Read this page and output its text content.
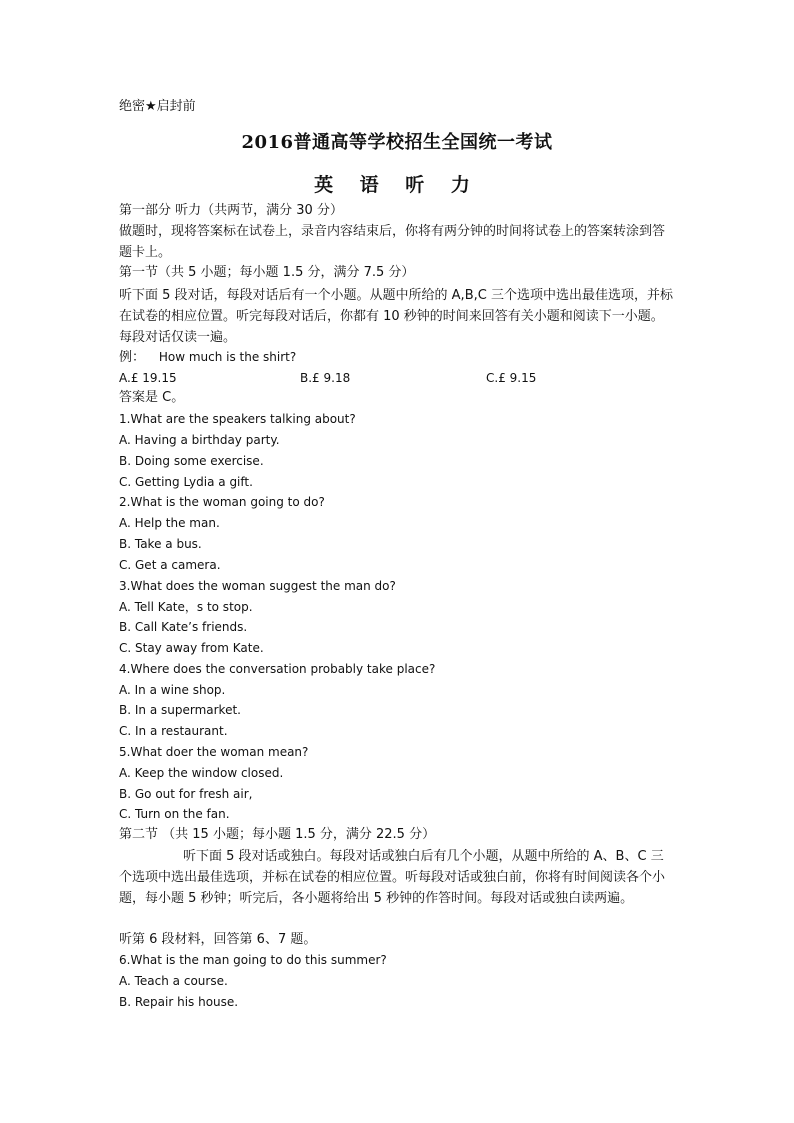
绝密★启封前
2016普通高等学校招生全国统一考试
英 语 听 力
第一部分 听力（共两节，满分 30 分）
做题时，现将答案标在试卷上，录音内容结束后，你将有两分钟的时间将试卷上的答案转涂到答题卡上。
第一节（共 5 小题；每小题 1.5 分，满分 7.5 分）
听下面 5 段对话，每段对话后有一个小题。从题中所给的 A,B,C 三个选项中选出最佳选项，并标在试卷的相应位置。听完每段对话后，你都有 10 秒钟的时间来回答有关小题和阅读下一小题。每段对话仅读一遍。
例： How much is the shirt?
A.£ 19.15	B.£ 9.18	C.£ 9.15
答案是 C。
1.What are the speakers talking about?
A. Having a birthday party.
B. Doing some exercise.
C. Getting Lydia a gift.
2.What is the woman going to do?
A. Help the man.
B. Take a bus.
C. Get a camera.
3.What does the woman suggest the man do?
A. Tell Kate，s to stop.
B. Call Kate’s friends.
C. Stay away from Kate.
4.Where does the conversation probably take place?
A. In a wine shop.
B. In a supermarket.
C. In a restaurant.
5.What doer the woman mean?
A. Keep the window closed.
B. Go out for fresh air,
C. Turn on the fan.
第二节 （共 15 小题；每小题 1.5 分，满分 22.5 分）
听下面 5 段对话或独白。每段对话或独白后有几个小题，从题中所给的 A、B、C 三个选项中选出最佳选项，并标在试卷的相应位置。听每段对话或独白前，你将有时间阅读各个小题，每小题 5 秒钟；听完后，各小题将给出 5 秒钟的作答时间。每段对话或独白读两遍。
听第 6 段材料，回答第 6、7 题。
6.What is the man going to do this summer?
A. Teach a course.
B. Repair his house.
